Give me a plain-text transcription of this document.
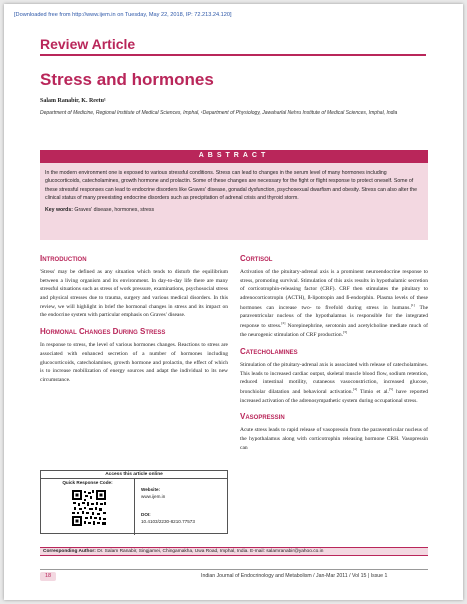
[Downloaded free from http://www.ijem.in on Tuesday, May 22, 2018, IP: 72.213.24.120]
Review Article
Stress and hormones
Salam Ranabir, K. Reetu¹
Department of Medicine, Regional Institute of Medical Sciences, Imphal, ¹Department of Physiology, Jawaharlal Nehru Institute of Medical Sciences, Imphal, India
ABSTRACT
In the modern environment one is exposed to various stressful conditions. Stress can lead to changes in the serum level of many hormones including glucocorticoids, catecholamines, growth hormone and prolactin. Some of these changes are necessary for the fight or flight response to protect oneself. Some of these stressful responses can lead to endocrine disorders like Graves' disease, gonadal dysfunction, psychosexual dwarfism and obesity. Stress can also alter the clinical status of many preexisting endocrine disorders such as precipitation of adrenal crisis and thyroid storm.
Key words: Graves' disease, hormones, stress
Introduction
'Stress' may be defined as any situation which tends to disturb the equilibrium between a living organism and its environment. In day-to-day life there are many stressful situations such as stress of work pressure, examinations, psychosocial stress and physical stresses due to trauma, surgery and various medical disorders. In this review, we will highlight in brief the hormonal changes in stress and its impact on the endocrine system with particular emphasis on Graves' disease.
Hormonal Changes During Stress
In response to stress, the level of various hormones changes. Reactions to stress are associated with enhanced secretion of a number of hormones including glucocorticoids, catecholamines, growth hormone and prolactin, the effect of which is to increase mobilization of energy sources and adapt the individual to its new circumstance.
Cortisol
Activation of the pituitary-adrenal axis is a prominent neuroendocrine response to stress, promoting survival. Stimulation of this axis results in hypothalamic secretion of corticotrophin-releasing factor (CRF). CRF then stimulates the pituitary to adrenocorticotropin (ACTH), ß-lipotropin and ß-endorphin. Plasma levels of these hormones can increase two- to fivefold during stress in humans.[1] The paraventricular nucleus of the hypothalamus is responsible for the integrated response to stress.[2] Norepinephrine, serotonin and acetylcholine mediate much of the neurogenic stimulation of CRF production.[3]
Catecholamines
Stimulation of the pituitary-adrenal axis is associated with release of catecholamines. This leads to increased cardiac output, skeletal muscle blood flow, sodium retention, reduced intestinal motility, cutaneous vasoconstriction, increased glucose, bronchiolar dilatation and behavioral activation.[4] Timio et al.[5] have reported increased activation of the adrenosympathetic system during occupational stress.
Vasopressin
Acute stress leads to rapid release of vasopressin from the paraventricular nucleus of the hypothalamus along with corticotrophin releasing hormone CRH. Vasopressin can
Access this article online
Quick Response Code:
Website:
www.ijem.in
DOI:
10.4103/2230-8210.77573
Corresponding Author: Dr. Salam Ranabir, Singjamei, Chingamakha, Uwa Road, Imphal, India. E-mail: salamranabir@yahoo.co.in
18	Indian Journal of Endocrinology and Metabolism / Jan-Mar 2011 / Vol 15 | Issue 1
